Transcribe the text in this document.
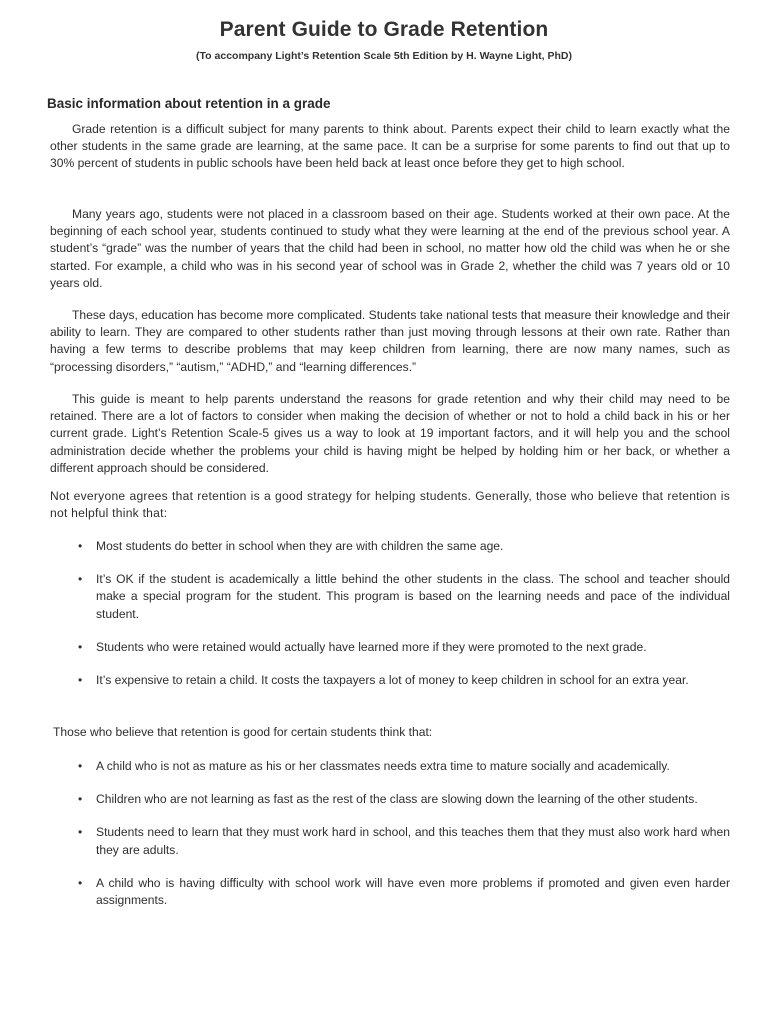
Parent Guide to Grade Retention
(To accompany Light’s Retention Scale 5th Edition by H. Wayne Light, PhD)
Basic information about retention in a grade

Grade retention is a difficult subject for many parents to think about. Parents expect their child to learn exactly what the other students in the same grade are learning, at the same pace. It can be a surprise for some parents to find out that up to 30% percent of students in public schools have been held back at least once before they get to high school.

Many years ago, students were not placed in a classroom based on their age. Students worked at their own pace. At the beginning of each school year, students continued to study what they were learning at the end of the previous school year. A student’s “grade” was the number of years that the child had been in school, no matter how old the child was when he or she started. For example, a child who was in his second year of school was in Grade 2, whether the child was 7 years old or 10 years old.

These days, education has become more complicated. Students take national tests that measure their knowledge and their ability to learn. They are compared to other students rather than just moving through lessons at their own rate. Rather than having a few terms to describe problems that may keep children from learning, there are now many names, such as “processing disorders,” “autism,” “ADHD,” and “learning differences.”

This guide is meant to help parents understand the reasons for grade retention and why their child may need to be retained. There are a lot of factors to consider when making the decision of whether or not to hold a child back in his or her current grade. Light’s Retention Scale-5 gives us a way to look at 19 important factors, and it will help you and the school administration decide whether the problems your child is having might be helped by holding him or her back, or whether a different approach should be considered.

Not everyone agrees that retention is a good strategy for helping students. Generally, those who believe that retention is not helpful think that:

• Most students do better in school when they are with children the same age.
• It’s OK if the student is academically a little behind the other students in the class. The school and teacher should make a special program for the student. This program is based on the learning needs and pace of the individual student.
• Students who were retained would actually have learned more if they were promoted to the next grade.
• It’s expensive to retain a child. It costs the taxpayers a lot of money to keep children in school for an extra year.

Those who believe that retention is good for certain students think that:

• A child who is not as mature as his or her classmates needs extra time to mature socially and academically.
• Children who are not learning as fast as the rest of the class are slowing down the learning of the other students.
• Students need to learn that they must work hard in school, and this teaches them that they must also work hard when they are adults.
• A child who is having difficulty with school work will have even more problems if promoted and given even harder assignments.
